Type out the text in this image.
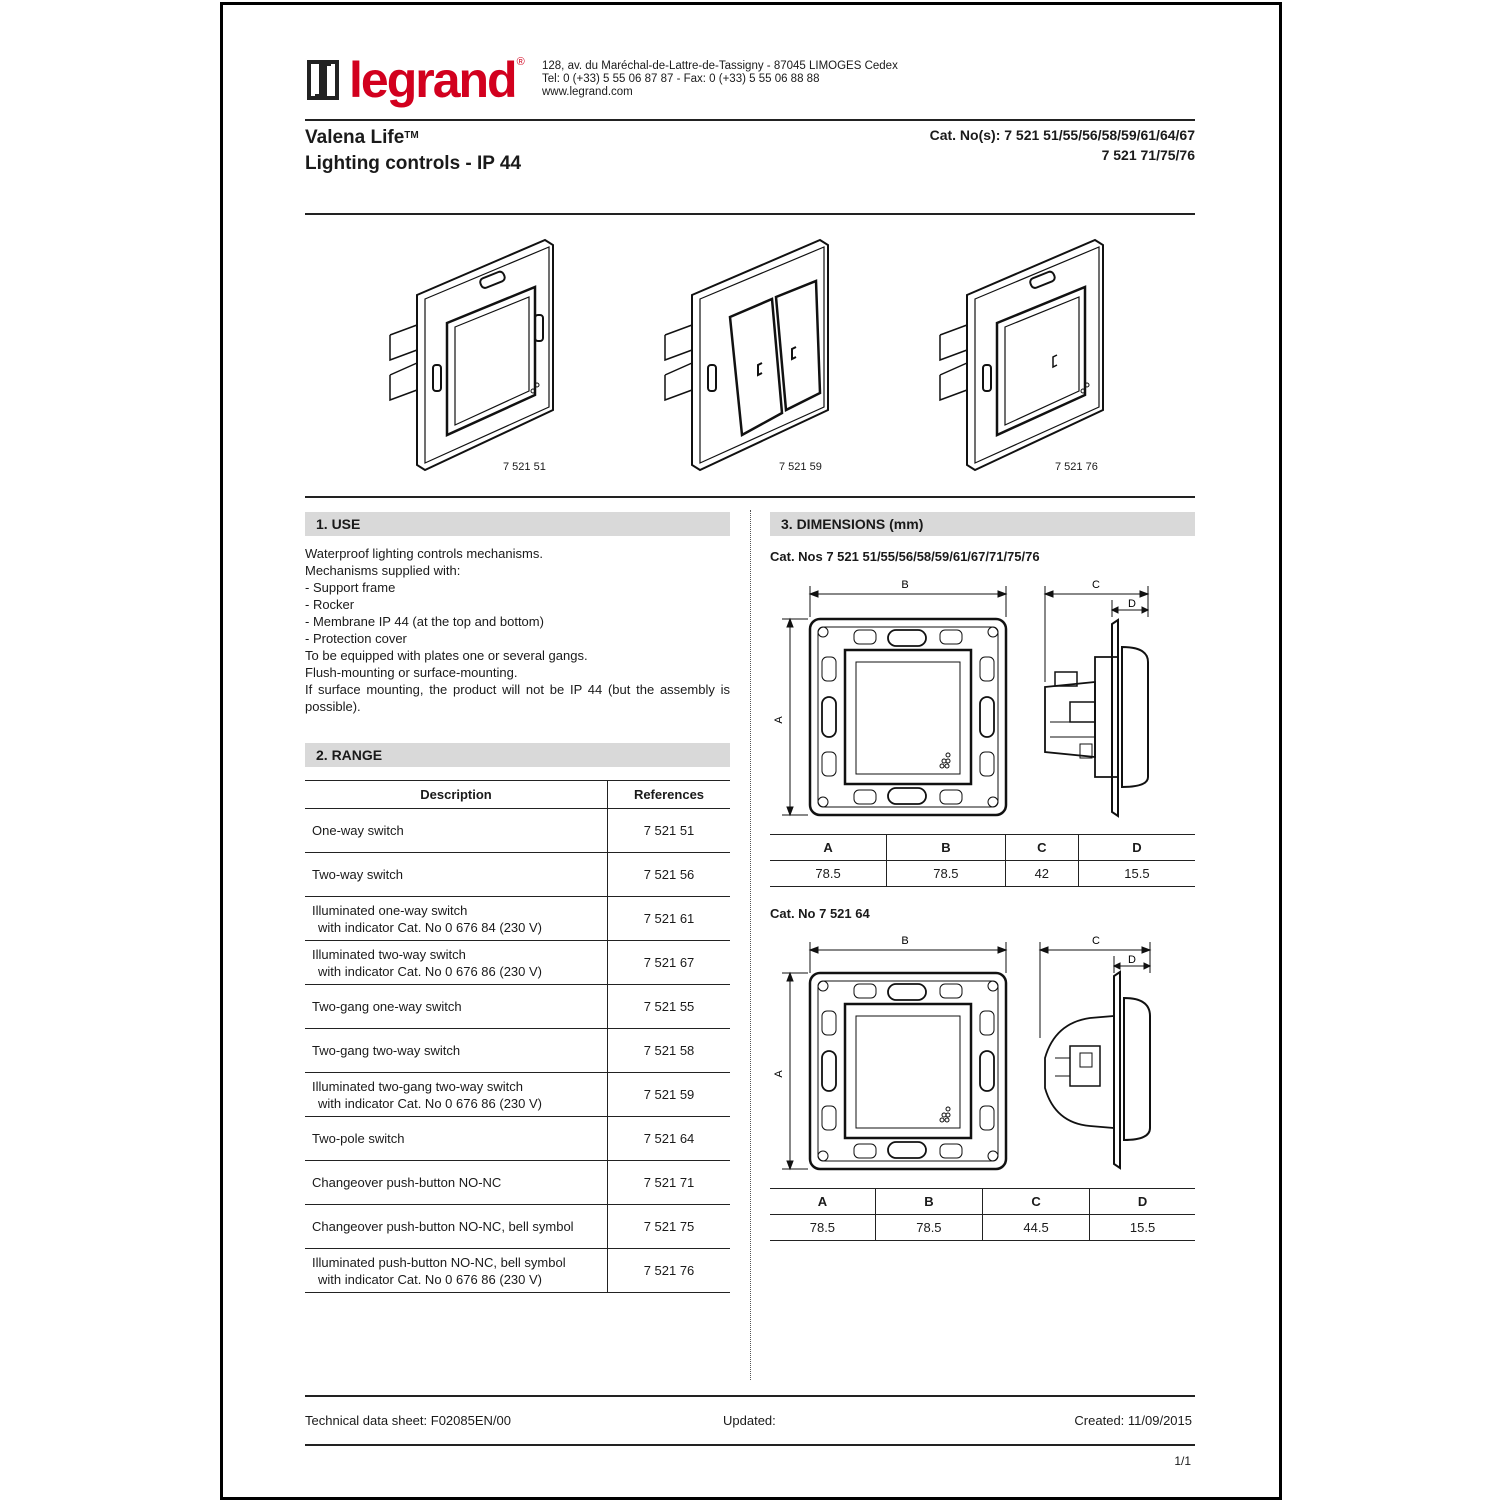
legrand ® 128, av. du Maréchal-de-Lattre-de-Tassigny - 87045 LIMOGES Cedex
Tel: 0 (+33) 5 55 06 87 87 - Fax: 0 (+33) 5 55 06 88 88
www.legrand.com
Valena Life™
Lighting controls - IP 44
Cat. No(s): 7 521 51/55/56/58/59/61/64/67
7 521 71/75/76
7 521 51	7 521 59	7 521 76
1. USE
Waterproof lighting controls mechanisms.
Mechanisms supplied with:
- Support frame
- Rocker
- Membrane IP 44 (at the top and bottom)
- Protection cover
To be equipped with plates one or several gangs.
Flush-mounting or surface-mounting.
If surface mounting, the product will not be IP 44 (but the assembly is possible).
2. RANGE
Description	References
One-way switch	7 521 51
Two-way switch	7 521 56

Illuminated one-way switch
with indicator Cat. No 0 676 84 (230 V)	7 521 61

Illuminated two-way switch
with indicator Cat. No 0 676 86 (230 V)	7 521 67
Two-gang one-way switch	7 521 55
Two-gang two-way switch	7 521 58

Illuminated two-gang two-way switch
with indicator Cat. No 0 676 86 (230 V)	7 521 59
Two-pole switch	7 521 64
Changeover push-button NO-NC	7 521 71
Changeover push-button NO-NC, bell symbol	7 521 75

Illuminated push-button NO-NC, bell symbol
with indicator Cat. No 0 676 86 (230 V)	7 521 76
3. DIMENSIONS (mm)
Cat. Nos 7 521 51/55/56/58/59/61/67/71/75/76
B
A
C
D
A	B	C	D
78.5	78.5	42	15.5
Cat. No 7 521 64
B
A
C
D
A	B	C	D
78.5	78.5	44.5	15.5
Technical data sheet: F02085EN/00	Updated:	Created: 11/09/2015
1/1
